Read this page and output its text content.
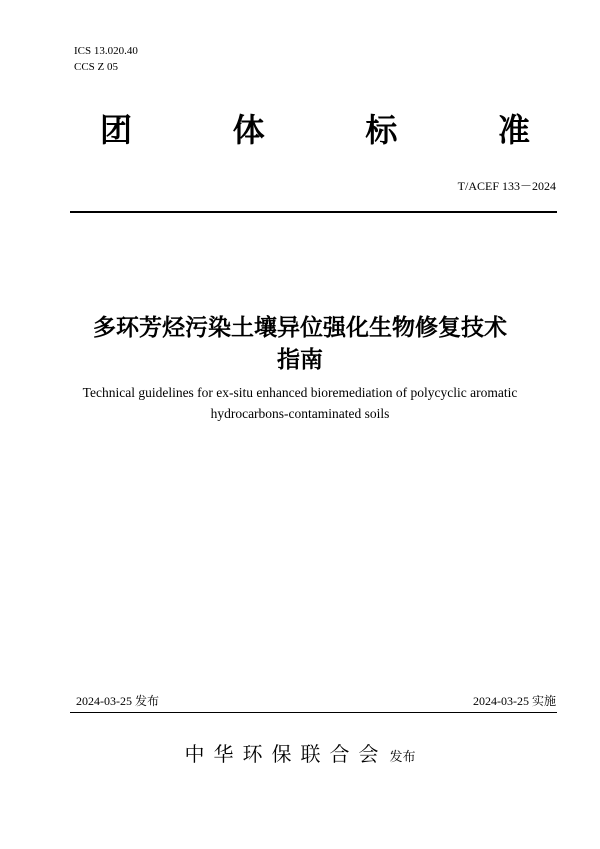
ICS 13.020.40
CCS Z 05
团	体	标	准
T/ACEF 133－2024
多环芳烃污染土壤异位强化生物修复技术
指南
Technical guidelines for ex-situ enhanced bioremediation of polycyclic aromatic
hydrocarbons-contaminated soils
2024-03-25 发布	2024-03-25 实施
中华环保联合会 发布
